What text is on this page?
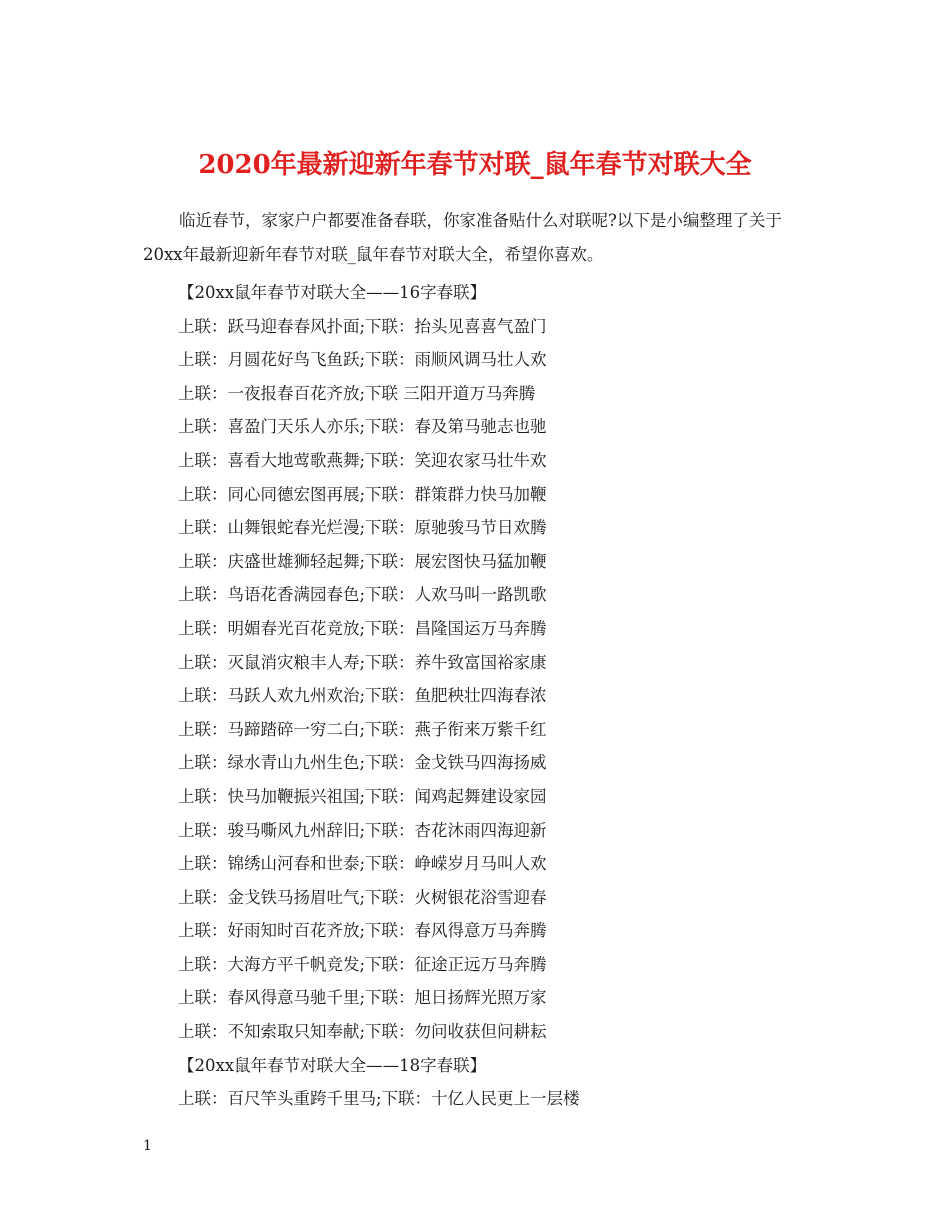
2020年最新迎新年春节对联_鼠年春节对联大全

临近春节，家家户户都要准备春联，你家准备贴什么对联呢?以下是小编整理了关于20xx年最新迎新年春节对联_鼠年春节对联大全，希望你喜欢。

【20xx鼠年春节对联大全——16字春联】
上联：跃马迎春春风扑面;下联：抬头见喜喜气盈门
上联：月圆花好鸟飞鱼跃;下联：雨顺风调马壮人欢
上联：一夜报春百花齐放;下联 三阳开道万马奔腾
上联：喜盈门天乐人亦乐;下联：春及第马驰志也驰
上联：喜看大地莺歌燕舞;下联：笑迎农家马壮牛欢
上联：同心同德宏图再展;下联：群策群力快马加鞭
上联：山舞银蛇春光烂漫;下联：原驰骏马节日欢腾
上联：庆盛世雄狮轻起舞;下联：展宏图快马猛加鞭
上联：鸟语花香满园春色;下联：人欢马叫一路凯歌
上联：明媚春光百花竞放;下联：昌隆国运万马奔腾
上联：灭鼠消灾粮丰人寿;下联：养牛致富国裕家康
上联：马跃人欢九州欢治;下联：鱼肥秧壮四海春浓
上联：马蹄踏碎一穷二白;下联：燕子衔来万紫千红
上联：绿水青山九州生色;下联：金戈铁马四海扬威
上联：快马加鞭振兴祖国;下联：闻鸡起舞建设家园
上联：骏马嘶风九州辞旧;下联：杏花沐雨四海迎新
上联：锦绣山河春和世泰;下联：峥嵘岁月马叫人欢
上联：金戈铁马扬眉吐气;下联：火树银花浴雪迎春
上联：好雨知时百花齐放;下联：春风得意万马奔腾
上联：大海方平千帆竞发;下联：征途正远万马奔腾
上联：春风得意马驰千里;下联：旭日扬辉光照万家
上联：不知索取只知奉献;下联：勿问收获但问耕耘
【20xx鼠年春节对联大全——18字春联】
上联：百尺竿头重跨千里马;下联：十亿人民更上一层楼
1
